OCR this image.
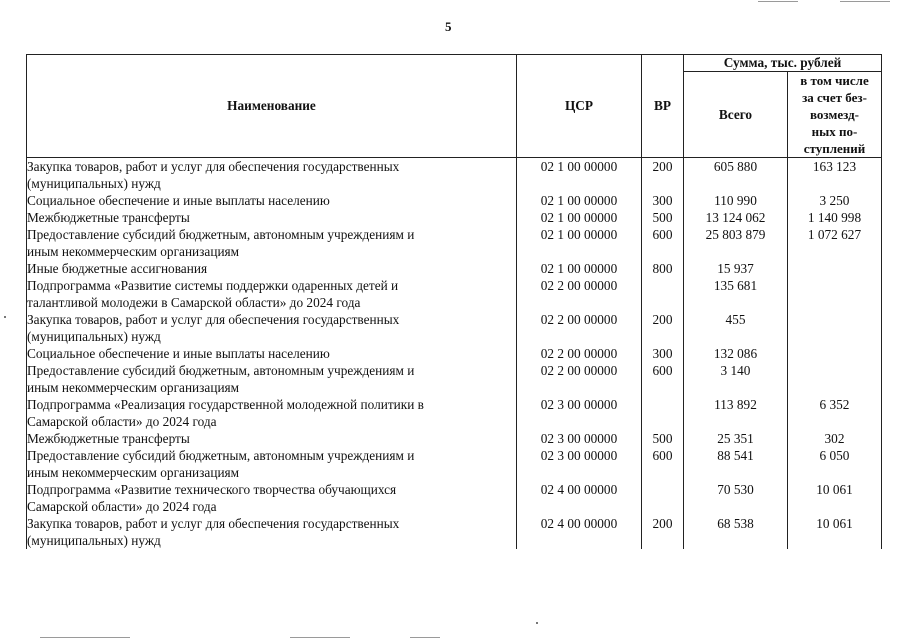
5
Наименование	ЦСР	ВР	Сумма, тыс. рублей	
			Всего	в том числе
за счет без-
возмезд-
ных по-
ступлений

Закупка товаров, работ и услуг для обеспечения государственных
(муниципальных) нужд	02 1 00 00000	200	605 880	163 123

Социальное обеспечение и иные выплаты населению	02 1 00 00000	300	110 990	3 250

Межбюджетные трансферты	02 1 00 00000	500	13 124 062	1 140 998

Предоставление субсидий бюджетным, автономным учреждениям и
иным некоммерческим организациям	02 1 00 00000	600	25 803 879	1 072 627

Иные бюджетные ассигнования	02 1 00 00000	800	15 937	

Подпрограмма «Развитие системы поддержки одаренных детей и
талантливой молодежи в Самарской области» до 2024 года	02 2 00 00000		135 681	

Закупка товаров, работ и услуг для обеспечения государственных
(муниципальных) нужд	02 2 00 00000	200	455	

Социальное обеспечение и иные выплаты населению	02 2 00 00000	300	132 086	

Предоставление субсидий бюджетным, автономным учреждениям и
иным некоммерческим организациям	02 2 00 00000	600	3 140	

Подпрограмма «Реализация государственной молодежной политики в
Самарской области» до 2024 года	02 3 00 00000		113 892	6 352

Межбюджетные трансферты	02 3 00 00000	500	25 351	302

Предоставление субсидий бюджетным, автономным учреждениям и
иным некоммерческим организациям	02 3 00 00000	600	88 541	6 050

Подпрограмма «Развитие технического творчества обучающихся
Самарской области» до 2024 года	02 4 00 00000		70 530	10 061

Закупка товаров, работ и услуг для обеспечения государственных
(муниципальных) нужд	02 4 00 00000	200	68 538	10 061
